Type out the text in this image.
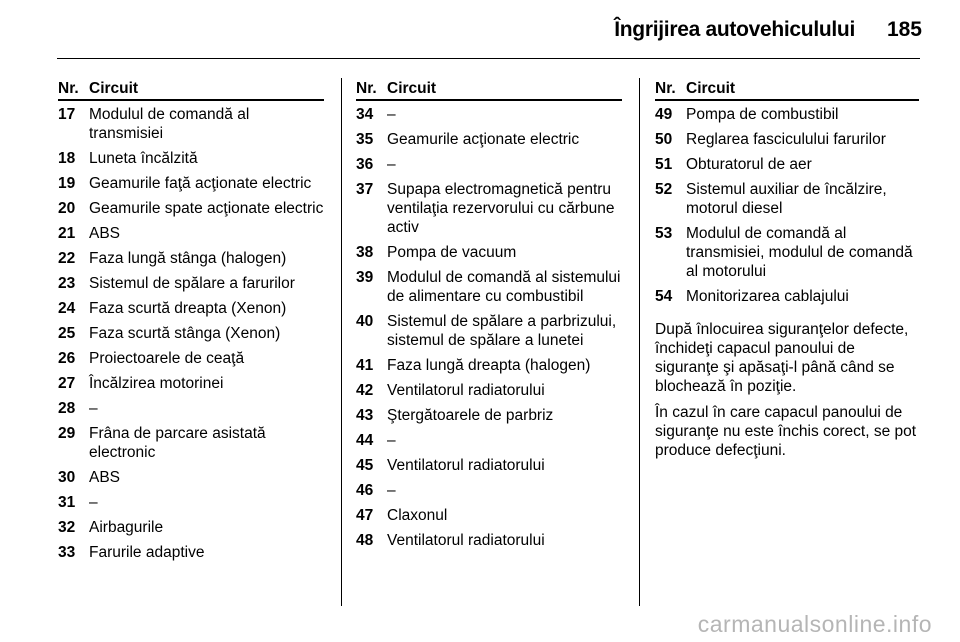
Îngrijirea autovehiculului 185
Nr. Circuit
17 Modulul de comandă al transmisiei
18 Luneta încălzită
19 Geamurile faţă acţionate electric
20 Geamurile spate acţionate electric
21 ABS
22 Faza lungă stânga (halogen)
23 Sistemul de spălare a farurilor
24 Faza scurtă dreapta (Xenon)
25 Faza scurtă stânga (Xenon)
26 Proiectoarele de ceaţă
27 Încălzirea motorinei
28 –
29 Frâna de parcare asistată electronic
30 ABS
31 –
32 Airbagurile
33 Farurile adaptive
Nr. Circuit
34 –
35 Geamurile acţionate electric
36 –
37 Supapa electromagnetică pentru ventilaţia rezervorului cu cărbune activ
38 Pompa de vacuum
39 Modulul de comandă al sistemului de alimentare cu combustibil
40 Sistemul de spălare a parbrizului, sistemul de spălare a lunetei
41 Faza lungă dreapta (halogen)
42 Ventilatorul radiatorului
43 Ştergătoarele de parbriz
44 –
45 Ventilatorul radiatorului
46 –
47 Claxonul
48 Ventilatorul radiatorului
Nr. Circuit
49 Pompa de combustibil
50 Reglarea fasciculului farurilor
51 Obturatorul de aer
52 Sistemul auxiliar de încălzire, motorul diesel
53 Modulul de comandă al transmisiei, modulul de comandă al motorului
54 Monitorizarea cablajului

După înlocuirea siguranţelor defecte, închideţi capacul panoului de siguranţe şi apăsaţi-l până când se blochează în poziţie.

În cazul în care capacul panoului de siguranţe nu este închis corect, se pot produce defecţiuni.

carmanualsonline.info
